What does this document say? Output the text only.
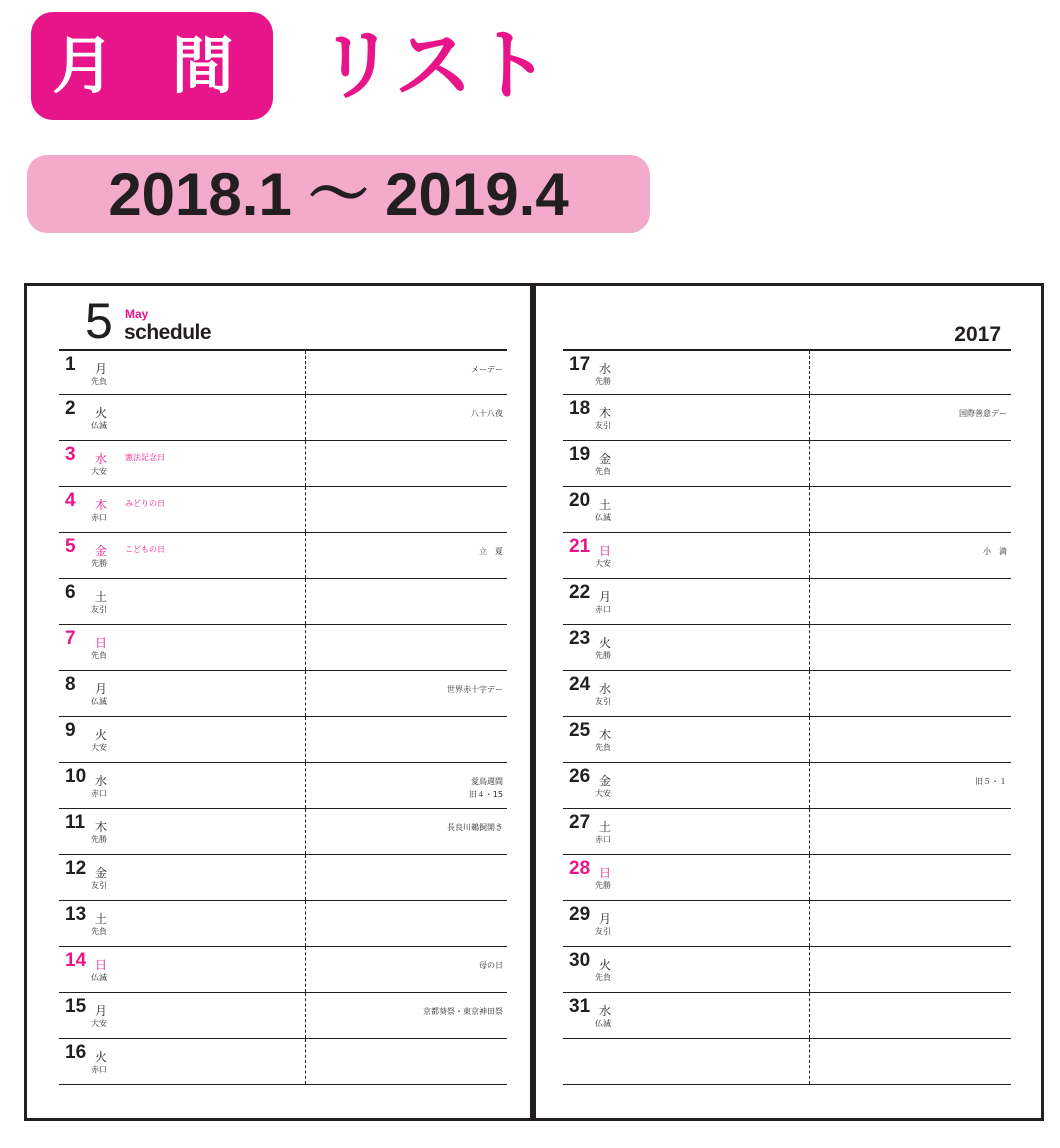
月 間 リスト
2018.1 ～ 2019.4
5 May
schedule
1 月
先負
メーデー
2 火
仏滅
八十八夜
3 水
大安
憲法記念日
4 木
赤口
みどりの日
5 金
先勝
こどもの日	立　夏
6 土
友引
7 日
先負
8 月
仏滅
世界赤十字デー
9 火
大安
10 水
赤口
愛鳥週間
旧４・15
11 木
先勝
長良川鵜飼開き
12 金
友引
13 土
先負
14 日
仏滅
母の日
15 月
大安
京都葵祭・東京神田祭
16 火
赤口
2017
17 水
先勝
18 木
友引
国際善意デー
19 金
先負
20 土
仏滅
21 日
大安
小　満
22 月
赤口
23 火
先勝
24 水
友引
25 木
先負
26 金
大安
旧５・１
27 土
赤口
28 日
先勝
29 月
友引
30 火
先負
31 水
仏滅
